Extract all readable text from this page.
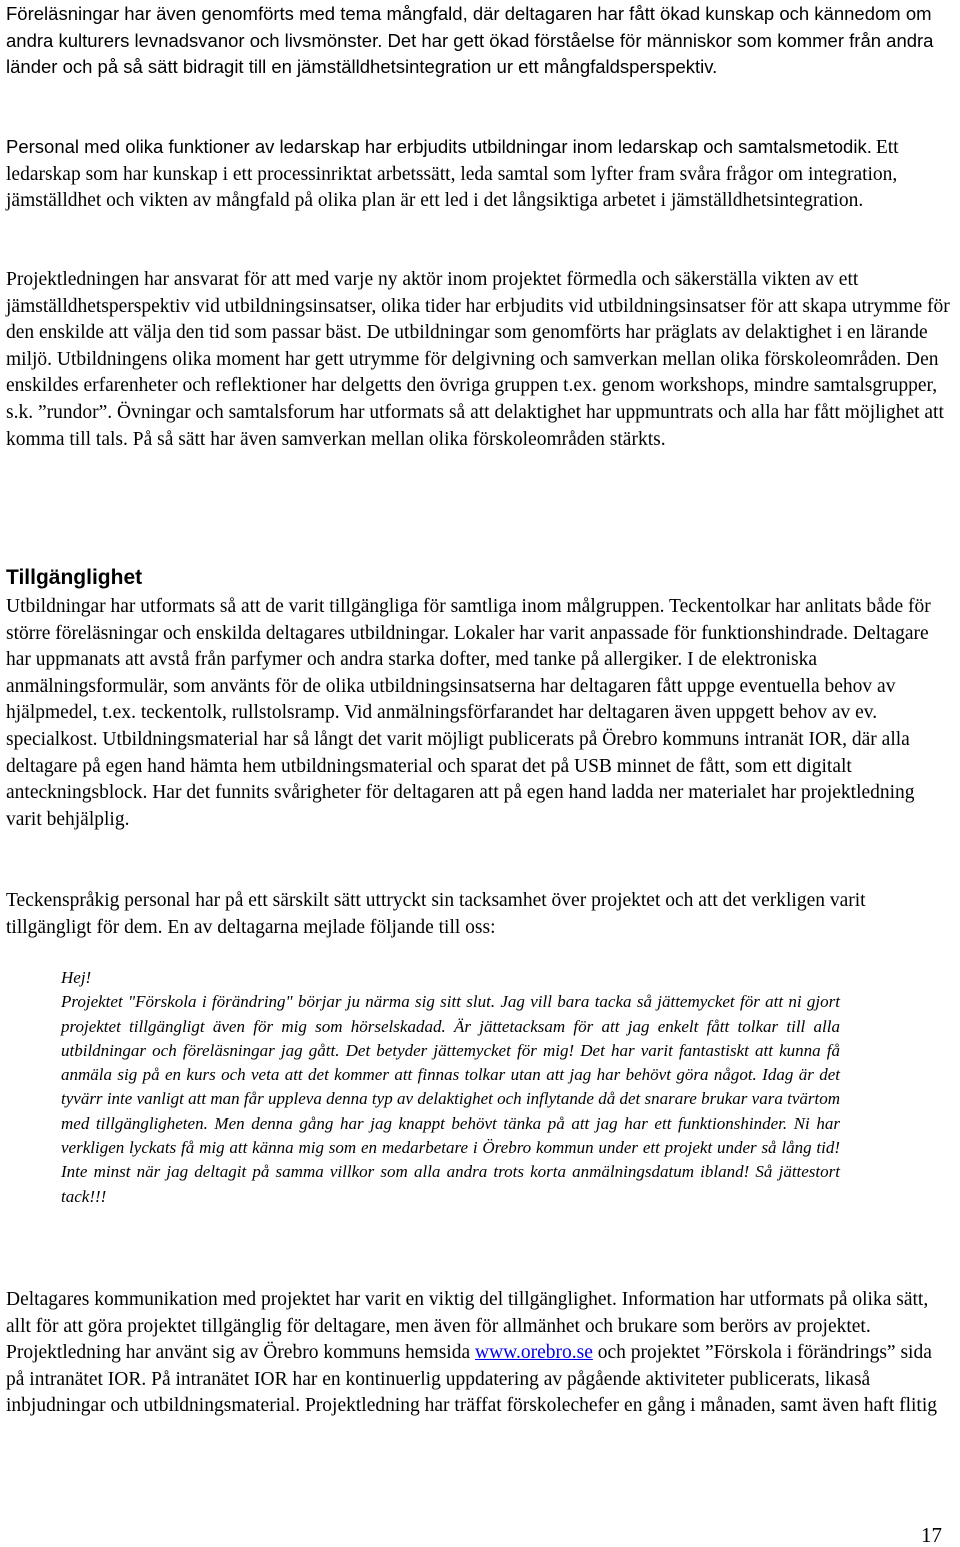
Föreläsningar har även genomförts med tema mångfald, där deltagaren har fått ökad kunskap och kännedom om andra kulturers levnadsvanor och livsmönster. Det har gett ökad förståelse för människor som kommer från andra länder och på så sätt bidragit till en jämställdhetsintegration ur ett mångfaldsperspektiv.

Personal med olika funktioner av ledarskap har erbjudits utbildningar inom ledarskap och samtalsmetodik. Ett ledarskap som har kunskap i ett processinriktat arbetssätt, leda samtal som lyfter fram svåra frågor om integration, jämställdhet och vikten av mångfald på olika plan är ett led i det långsiktiga arbetet i jämställdhetsintegration.

Projektledningen har ansvarat för att med varje ny aktör inom projektet förmedla och säkerställa vikten av ett jämställdhetsperspektiv vid utbildningsinsatser, olika tider har erbjudits vid utbildningsinsatser för att skapa utrymme för den enskilde att välja den tid som passar bäst. De utbildningar som genomförts har präglats av delaktighet i en lärande miljö. Utbildningens olika moment har gett utrymme för delgivning och samverkan mellan olika förskoleområden. Den enskildes erfarenheter och reflektioner har delgetts den övriga gruppen t.ex. genom workshops, mindre samtalsgrupper, s.k. ”rundor”. Övningar och samtalsforum har utformats så att delaktighet har uppmuntrats och alla har fått möjlighet att komma till tals. På så sätt har även samverkan mellan olika förskoleområden stärkts.

Tillgänglighet

Utbildningar har utformats så att de varit tillgängliga för samtliga inom målgruppen. Teckentolkar har anlitats både för större föreläsningar och enskilda deltagares utbildningar. Lokaler har varit anpassade för funktionshindrade. Deltagare har uppmanats att avstå från parfymer och andra starka dofter, med tanke på allergiker. I de elektroniska anmälningsformulär, som använts för de olika utbildningsinsatserna har deltagaren fått uppge eventuella behov av hjälpmedel, t.ex. teckentolk, rullstolsramp. Vid anmälningsförfarandet har deltagaren även uppgett behov av ev. specialkost. Utbildningsmaterial har så långt det varit möjligt publicerats på Örebro kommuns intranät IOR, där alla deltagare på egen hand hämta hem utbildningsmaterial och sparat det på USB minnet de fått, som ett digitalt anteckningsblock. Har det funnits svårigheter för deltagaren att på egen hand ladda ner materialet har projektledning varit behjälplig.

Teckenspråkig personal har på ett särskilt sätt uttryckt sin tacksamhet över projektet och att det verkligen varit tillgängligt för dem. En av deltagarna mejlade följande till oss:

Hej!
Projektet "Förskola i förändring" börjar ju närma sig sitt slut. Jag vill bara tacka så jättemycket för att ni gjort projektet tillgängligt även för mig som hörselskadad. Är jättetacksam för att jag enkelt fått tolkar till alla utbildningar och föreläsningar jag gått. Det betyder jättemycket för mig! Det har varit fantastiskt att kunna få anmäla sig på en kurs och veta att det kommer att finnas tolkar utan att jag har behövt göra något. Idag är det tyvärr inte vanligt att man får uppleva denna typ av delaktighet och inflytande då det snarare brukar vara tvärtom med tillgängligheten. Men denna gång har jag knappt behövt tänka på att jag har ett funktionshinder. Ni har verkligen lyckats få mig att känna mig som en medarbetare i Örebro kommun under ett projekt under så lång tid! Inte minst när jag deltagit på samma villkor som alla andra trots korta anmälningsdatum ibland! Så jättestort tack!!!

Deltagares kommunikation med projektet har varit en viktig del tillgänglighet. Information har utformats på olika sätt, allt för att göra projektet tillgänglig för deltagare, men även för allmänhet och brukare som berörs av projektet. Projektledning har använt sig av Örebro kommuns hemsida www.orebro.se och projektet ”Förskola i förändrings” sida på intranätet IOR. På intranätet IOR har en kontinuerlig uppdatering av pågående aktiviteter publicerats, likaså inbjudningar och utbildningsmaterial. Projektledning har träffat förskolechefer en gång i månaden, samt även haft flitig

17
